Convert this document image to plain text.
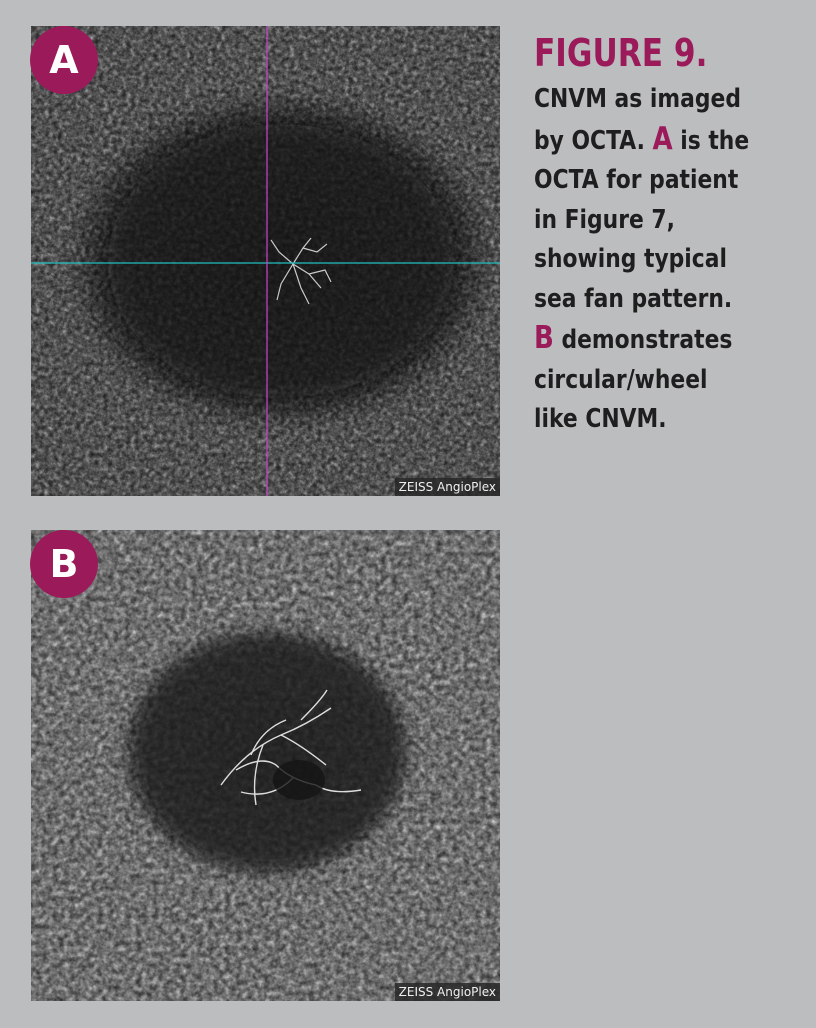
ZEISS AngioPlex
A
ZEISS AngioPlex
B
FIGURE 9.

CNVM as imaged
by OCTA. A is the
OCTA for patient
in Figure 7,
showing typical
sea fan pattern.
B demonstrates
circular/wheel
like CNVM.
